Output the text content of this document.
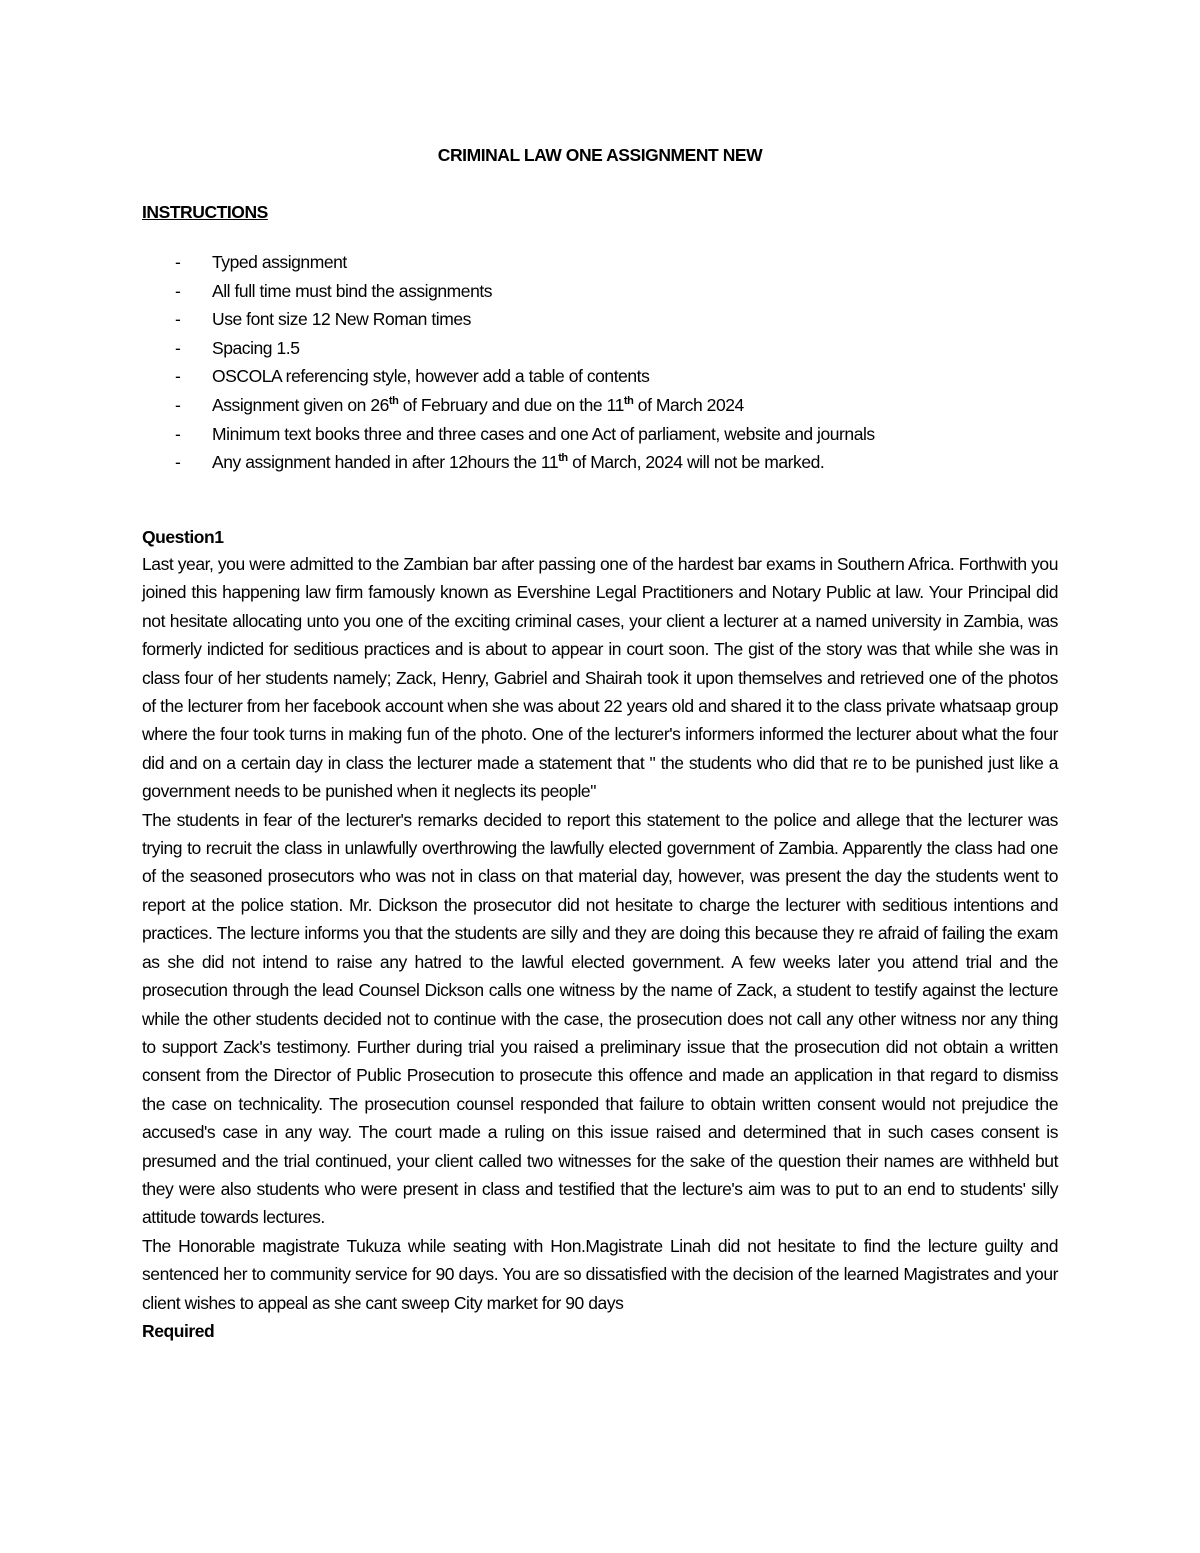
CRIMINAL LAW ONE ASSIGNMENT NEW
INSTRUCTIONS
- Typed assignment
- All full time must bind the assignments
- Use font size 12 New Roman times
- Spacing 1.5
- OSCOLA referencing style, however add a table of contents
- Assignment given on 26th of February and due on the 11th of March 2024
- Minimum text books three and three cases and one Act of parliament, website and journals
- Any assignment handed in after 12hours the 11th of March, 2024 will not be marked.
Question1

Last year, you were admitted to the Zambian bar after passing one of the hardest bar exams in Southern Africa. Forthwith you joined this happening law firm famously known as Evershine Legal Practitioners and Notary Public at law. Your Principal did not hesitate allocating unto you one of the exciting criminal cases, your client a lecturer at a named university in Zambia, was formerly indicted for seditious practices and is about to appear in court soon. The gist of the story was that while she was in class four of her students namely; Zack, Henry, Gabriel and Shairah took it upon themselves and retrieved one of the photos of the lecturer from her facebook account when she was about 22 years old and shared it to the class private whatsaap group where the four took turns in making fun of the photo. One of the lecturer's informers informed the lecturer about what the four did and on a certain day in class the lecturer made a statement that " the students who did that re to be punished just like a government needs to be punished when it neglects its people"

The students in fear of the lecturer's remarks decided to report this statement to the police and allege that the lecturer was trying to recruit the class in unlawfully overthrowing the lawfully elected government of Zambia. Apparently the class had one of the seasoned prosecutors who was not in class on that material day, however, was present the day the students went to report at the police station. Mr. Dickson the prosecutor did not hesitate to charge the lecturer with seditious intentions and practices. The lecture informs you that the students are silly and they are doing this because they re afraid of failing the exam as she did not intend to raise any hatred to the lawful elected government. A few weeks later you attend trial and the prosecution through the lead Counsel Dickson calls one witness by the name of Zack, a student to testify against the lecture while the other students decided not to continue with the case, the prosecution does not call any other witness nor any thing to support Zack's testimony. Further during trial you raised a preliminary issue that the prosecution did not obtain a written consent from the Director of Public Prosecution to prosecute this offence and made an application in that regard to dismiss the case on technicality. The prosecution counsel responded that failure to obtain written consent would not prejudice the accused's case in any way. The court made a ruling on this issue raised and determined that in such cases consent is presumed and the trial continued, your client called two witnesses for the sake of the question their names are withheld but they were also students who were present in class and testified that the lecture's aim was to put to an end to students' silly attitude towards lectures.

The Honorable magistrate Tukuza while seating with Hon.Magistrate Linah did not hesitate to find the lecture guilty and sentenced her to community service for 90 days. You are so dissatisfied with the decision of the learned Magistrates and your client wishes to appeal as she cant sweep City market for 90 days

Required
